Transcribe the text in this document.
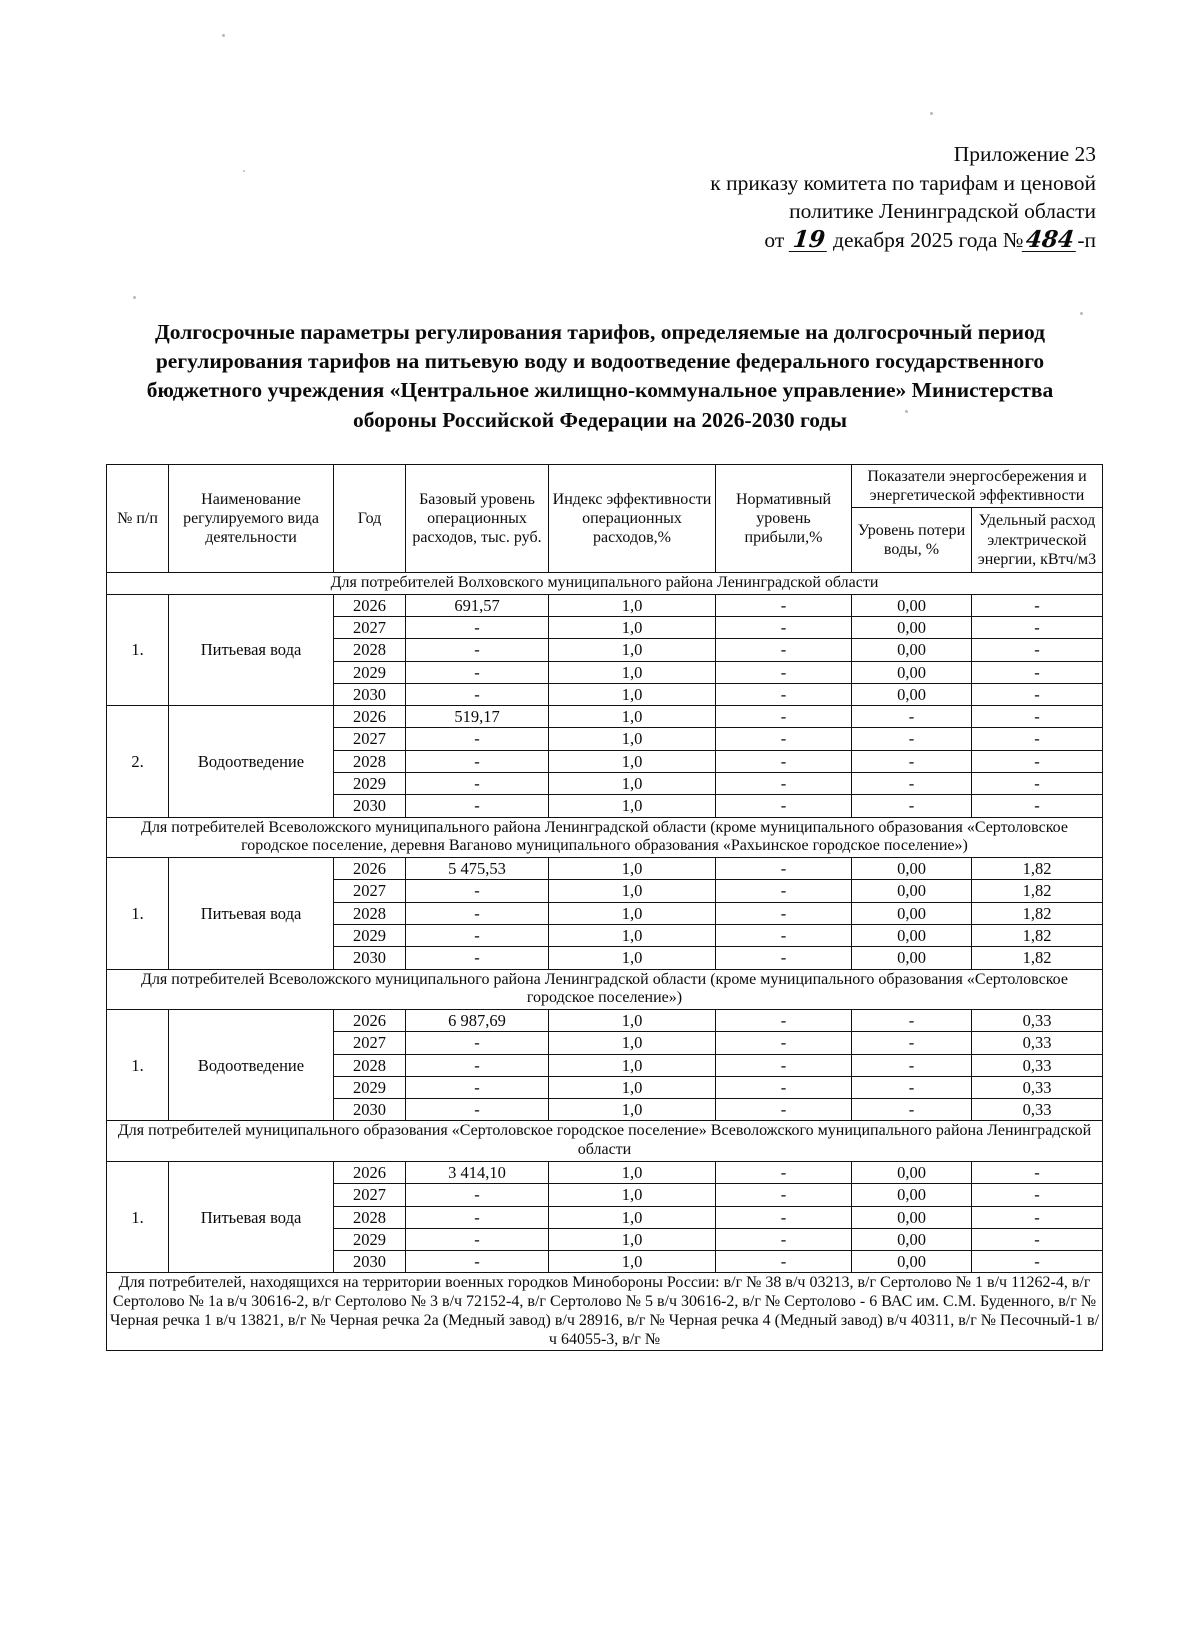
Приложение 23
к приказу комитета по тарифам и ценовой
политике Ленинградской области
от 19 декабря 2025 года №484-п
Долгосрочные параметры регулирования тарифов, определяемые на долгосрочный период регулирования тарифов на питьевую воду и водоотведение федерального государственного бюджетного учреждения «Центральное жилищно-коммунальное управление» Министерства обороны Российской Федерации на 2026-2030 годы
№ п/п	Наименование регулируемого вида деятельности	Год	Базовый уровень операционных расходов, тыс. руб.	Индекс эффективности операционных расходов,%	Нормативный уровень прибыли,%	Показатели энергосбережения и энергетической эффективности	
						Уровень потери воды, %	Удельный расход электрической энергии, кВтч/м3
Для потребителей Волховского муниципального района Ленинградской области							
1.	Питьевая вода	2026	691,57	1,0	-	0,00	-
		2027	-	1,0	-	0,00	-
		2028	-	1,0	-	0,00	-
		2029	-	1,0	-	0,00	-
		2030	-	1,0	-	0,00	-
2.	Водоотведение	2026	519,17	1,0	-	-	-
		2027	-	1,0	-	-	-
		2028	-	1,0	-	-	-
		2029	-	1,0	-	-	-
		2030	-	1,0	-	-	-
Для потребителей Всеволожского муниципального района Ленинградской области (кроме муниципального образования «Сертоловское городское поселение, деревня Ваганово муниципального образования «Рахьинское городское поселение»)							
1.	Питьевая вода	2026	5 475,53	1,0	-	0,00	1,82
		2027	-	1,0	-	0,00	1,82
		2028	-	1,0	-	0,00	1,82
		2029	-	1,0	-	0,00	1,82
		2030	-	1,0	-	0,00	1,82
Для потребителей Всеволожского муниципального района Ленинградской области (кроме муниципального образования «Сертоловское городское поселение»)							
1.	Водоотведение	2026	6 987,69	1,0	-	-	0,33
		2027	-	1,0	-	-	0,33
		2028	-	1,0	-	-	0,33
		2029	-	1,0	-	-	0,33
		2030	-	1,0	-	-	0,33
Для потребителей муниципального образования «Сертоловское городское поселение» Всеволожского муниципального района Ленинградской области							
1.	Питьевая вода	2026	3 414,10	1,0	-	0,00	-
		2027	-	1,0	-	0,00	-
		2028	-	1,0	-	0,00	-
		2029	-	1,0	-	0,00	-
		2030	-	1,0	-	0,00	-
Для потребителей, находящихся на территории военных городков Минобороны России: в/г № 38 в/ч 03213, в/г Сертолово № 1 в/ч 11262-4, в/г Сертолово № 1а в/ч 30616-2, в/г Сертолово № 3 в/ч 72152-4, в/г Сертолово № 5 в/ч 30616-2, в/г № Сертолово - 6 ВАС им. С.М. Буденного, в/г № Черная речка 1 в/ч 13821, в/г № Черная речка 2а (Медный завод) в/ч 28916, в/г № Черная речка 4 (Медный завод) в/ч 40311, в/г № Песочный-1 в/ч 64055-3, в/г №							
